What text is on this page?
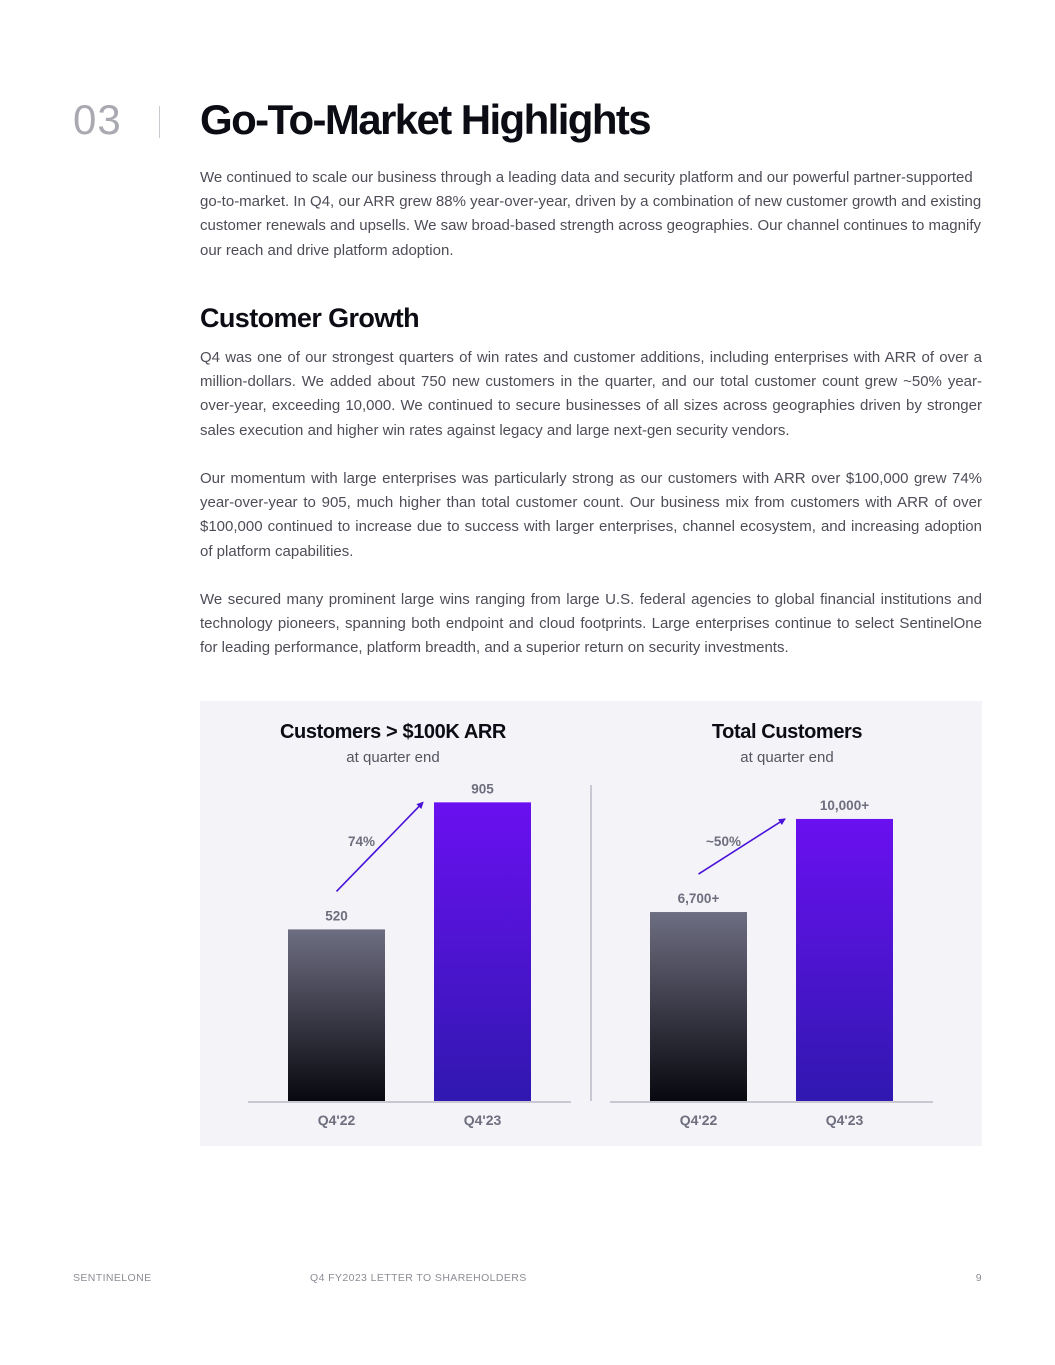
03 Go-To-Market Highlights

We continued to scale our business through a leading data and security platform and our powerful partner-supported go-to-market. In Q4, our ARR grew 88% year-over-year, driven by a combination of new customer growth and existing customer renewals and upsells. We saw broad-based strength across geographies. Our channel continues to magnify our reach and drive platform adoption.

Customer Growth

Q4 was one of our strongest quarters of win rates and customer additions, including enterprises with ARR of over a million-dollars. We added about 750 new customers in the quarter, and our total customer count grew ~50% year-over-year, exceeding 10,000. We continued to secure businesses of all sizes across geographies driven by stronger sales execution and higher win rates against legacy and large next-gen security vendors.

Our momentum with large enterprises was particularly strong as our customers with ARR over $100,000 grew 74% year-over-year to 905, much higher than total customer count. Our business mix from customers with ARR of over $100,000 continued to increase due to success with larger enterprises, channel ecosystem, and increasing adoption of platform capabilities.

We secured many prominent large wins ranging from large U.S. federal agencies to global financial institutions and technology pioneers, spanning both endpoint and cloud footprints. Large enterprises continue to select SentinelOne for leading performance, platform breadth, and a superior return on security investments.

Customers > $100K ARR
at quarter end
520
Q4'22
905
Q4'23
74%
Total Customers
at quarter end
6,700+
Q4'22
10,000+
Q4'23
~50%
SENTINELONE	Q4 FY2023 LETTER TO SHAREHOLDERS	9
